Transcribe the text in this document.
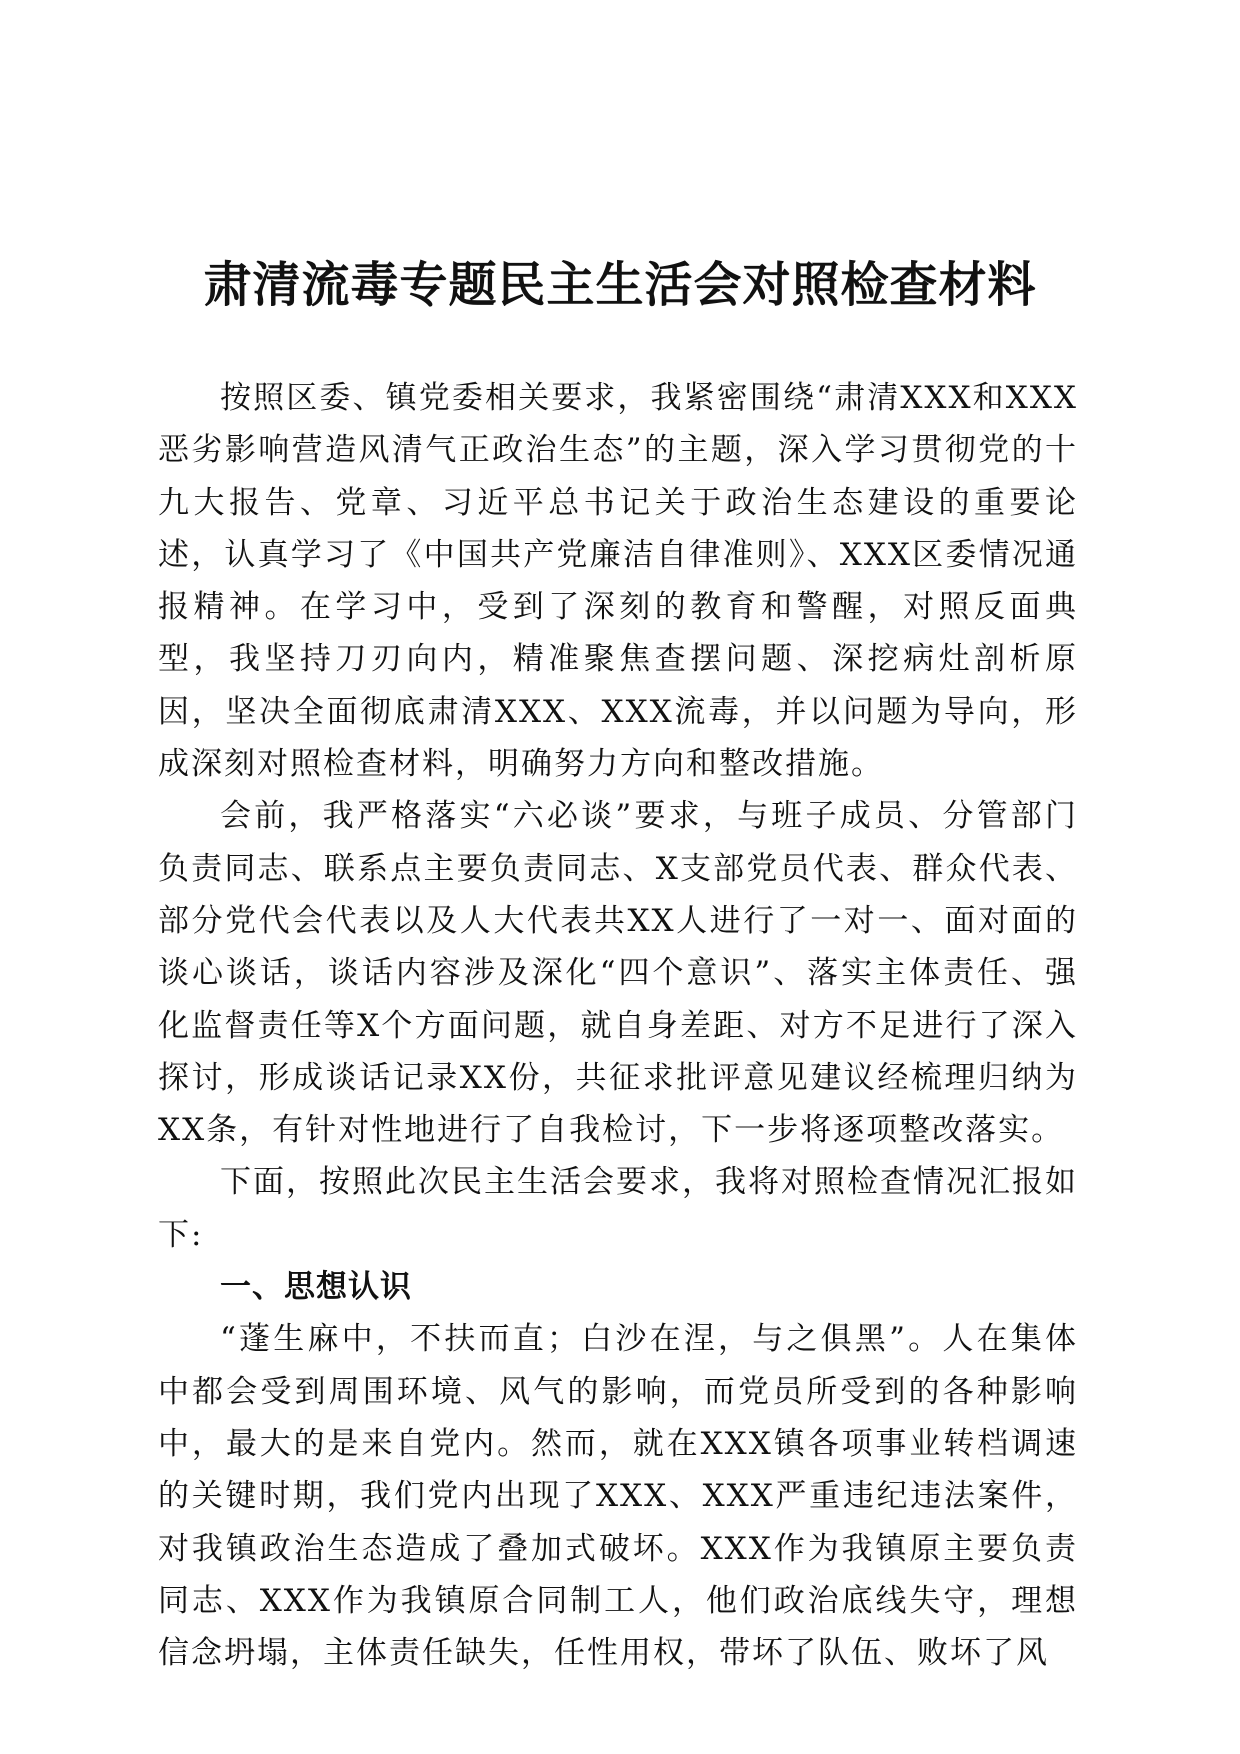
肃清流毒专题民主生活会对照检查材料

按照区委、镇党委相关要求，我紧密围绕“肃清XXX和XXX恶劣影响营造风清气正政治生态”的主题，深入学习贯彻党的十九大报告、党章、习近平总书记关于政治生态建设的重要论述，认真学习了《中国共产党廉洁自律准则》、XXX区委情况通报精神。在学习中，受到了深刻的教育和警醒，对照反面典型，我坚持刀刃向内，精准聚焦查摆问题、深挖病灶剖析原因，坚决全面彻底肃清XXX、XXX流毒，并以问题为导向，形成深刻对照检查材料，明确努力方向和整改措施。

会前，我严格落实“六必谈”要求，与班子成员、分管部门负责同志、联系点主要负责同志、X支部党员代表、群众代表、部分党代会代表以及人大代表共XX人进行了一对一、面对面的谈心谈话，谈话内容涉及深化“四个意识”、落实主体责任、强化监督责任等X个方面问题，就自身差距、对方不足进行了深入探讨，形成谈话记录XX份，共征求批评意见建议经梳理归纳为XX条，有针对性地进行了自我检讨，下一步将逐项整改落实。

下面，按照此次民主生活会要求，我将对照检查情况汇报如下:

一、思想认识

“蓬生麻中，不扶而直；白沙在涅，与之俱黑”。人在集体中都会受到周围环境、风气的影响，而党员所受到的各种影响中，最大的是来自党内。然而，就在XXX镇各项事业转档调速的关键时期，我们党内出现了XXX、XXX严重违纪违法案件，对我镇政治生态造成了叠加式破坏。XXX作为我镇原主要负责同志、XXX作为我镇原合同制工人，他们政治底线失守，理想信念坍塌，主体责任缺失，任性用权，带坏了队伍、败坏了风
